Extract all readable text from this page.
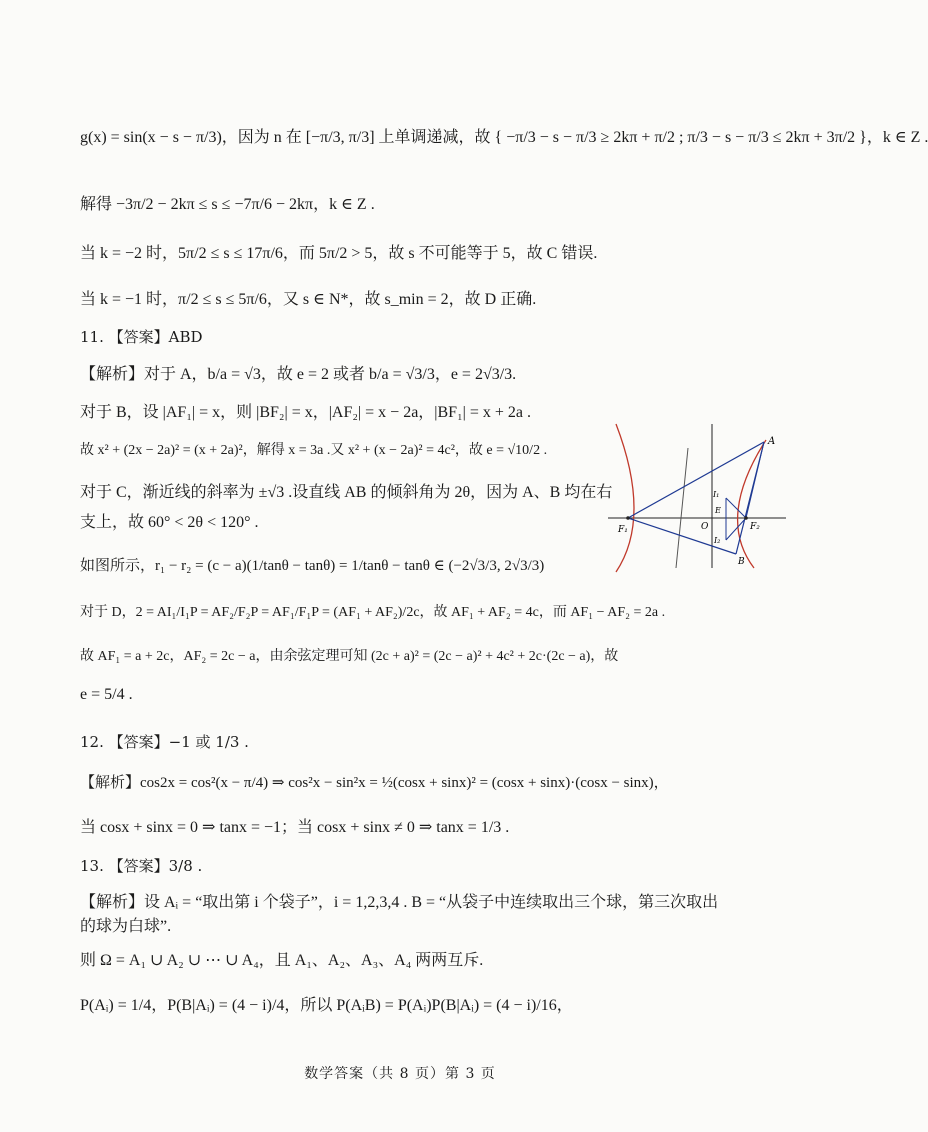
g(x) = sin(x − s − π/3)，因为 n 在 [−π/3, π/3] 上单调递减，故 { −π/3 − s − π/3 ≥ 2kπ + π/2 ; π/3 − s − π/3 ≤ 2kπ + 3π/2 }，k ∈ Z .
解得 −3π/2 − 2kπ ≤ s ≤ −7π/6 − 2kπ，k ∈ Z .
当 k = −2 时，5π/2 ≤ s ≤ 17π/6，而 5π/2 > 5，故 s 不可能等于 5，故 C 错误.
当 k = −1 时，π/2 ≤ s ≤ 5π/6，又 s ∈ N*，故 s_min = 2，故 D 正确.
11. 【答案】ABD
【解析】对于 A，b/a = √3，故 e = 2 或者 b/a = √3/3，e = 2√3/3.
对于 B，设 |AF₁| = x，则 |BF₂| = x，|AF₂| = x − 2a，|BF₁| = x + 2a .
故 x² + (2x − 2a)² = (x + 2a)²，解得 x = 3a .又 x² + (x − 2a)² = 4c²，故 e = √10/2 .
对于 C，渐近线的斜率为 ±√3 .设直线 AB 的倾斜角为 2θ，因为 A、B 均在右
支上，故 60° < 2θ < 120° .
如图所示，r₁ − r₂ = (c − a)(1/tanθ − tanθ) = 1/tanθ − tanθ ∈ (−2√3/3, 2√3/3)
对于 D，2 = AI₁/I₁P = AF₂/F₂P = AF₁/F₁P = (AF₁ + AF₂)/2c，故 AF₁ + AF₂ = 4c，而 AF₁ − AF₂ = 2a .
故 AF₁ = a + 2c，AF₂ = 2c − a，由余弦定理可知 (2c + a)² = (2c − a)² + 4c² + 2c·(2c − a)，故
e = 5/4 .
12. 【答案】−1 或 1/3 .
【解析】cos2x = cos²(x − π/4) ⇒ cos²x − sin²x = ½(cosx + sinx)² = (cosx + sinx)·(cosx − sinx)，
当 cosx + sinx = 0 ⇒ tanx = −1；当 cosx + sinx ≠ 0 ⇒ tanx = 1/3 .
13. 【答案】3/8 .
【解析】设 Aᵢ = “取出第 i 个袋子”，i = 1,2,3,4 . B = “从袋子中连续取出三个球，第三次取出
的球为白球”.
则 Ω = A₁ ∪ A₂ ∪ ⋯ ∪ A₄，且 A₁、A₂、A₃、A₄ 两两互斥.
P(Aᵢ) = 1/4，P(B|Aᵢ) = (4 − i)/4，所以 P(AᵢB) = P(Aᵢ)P(B|Aᵢ) = (4 − i)/16，
A
I₁
E
I₂
B
F₁	O	F₂
数学答案（共 8 页）第 3 页
